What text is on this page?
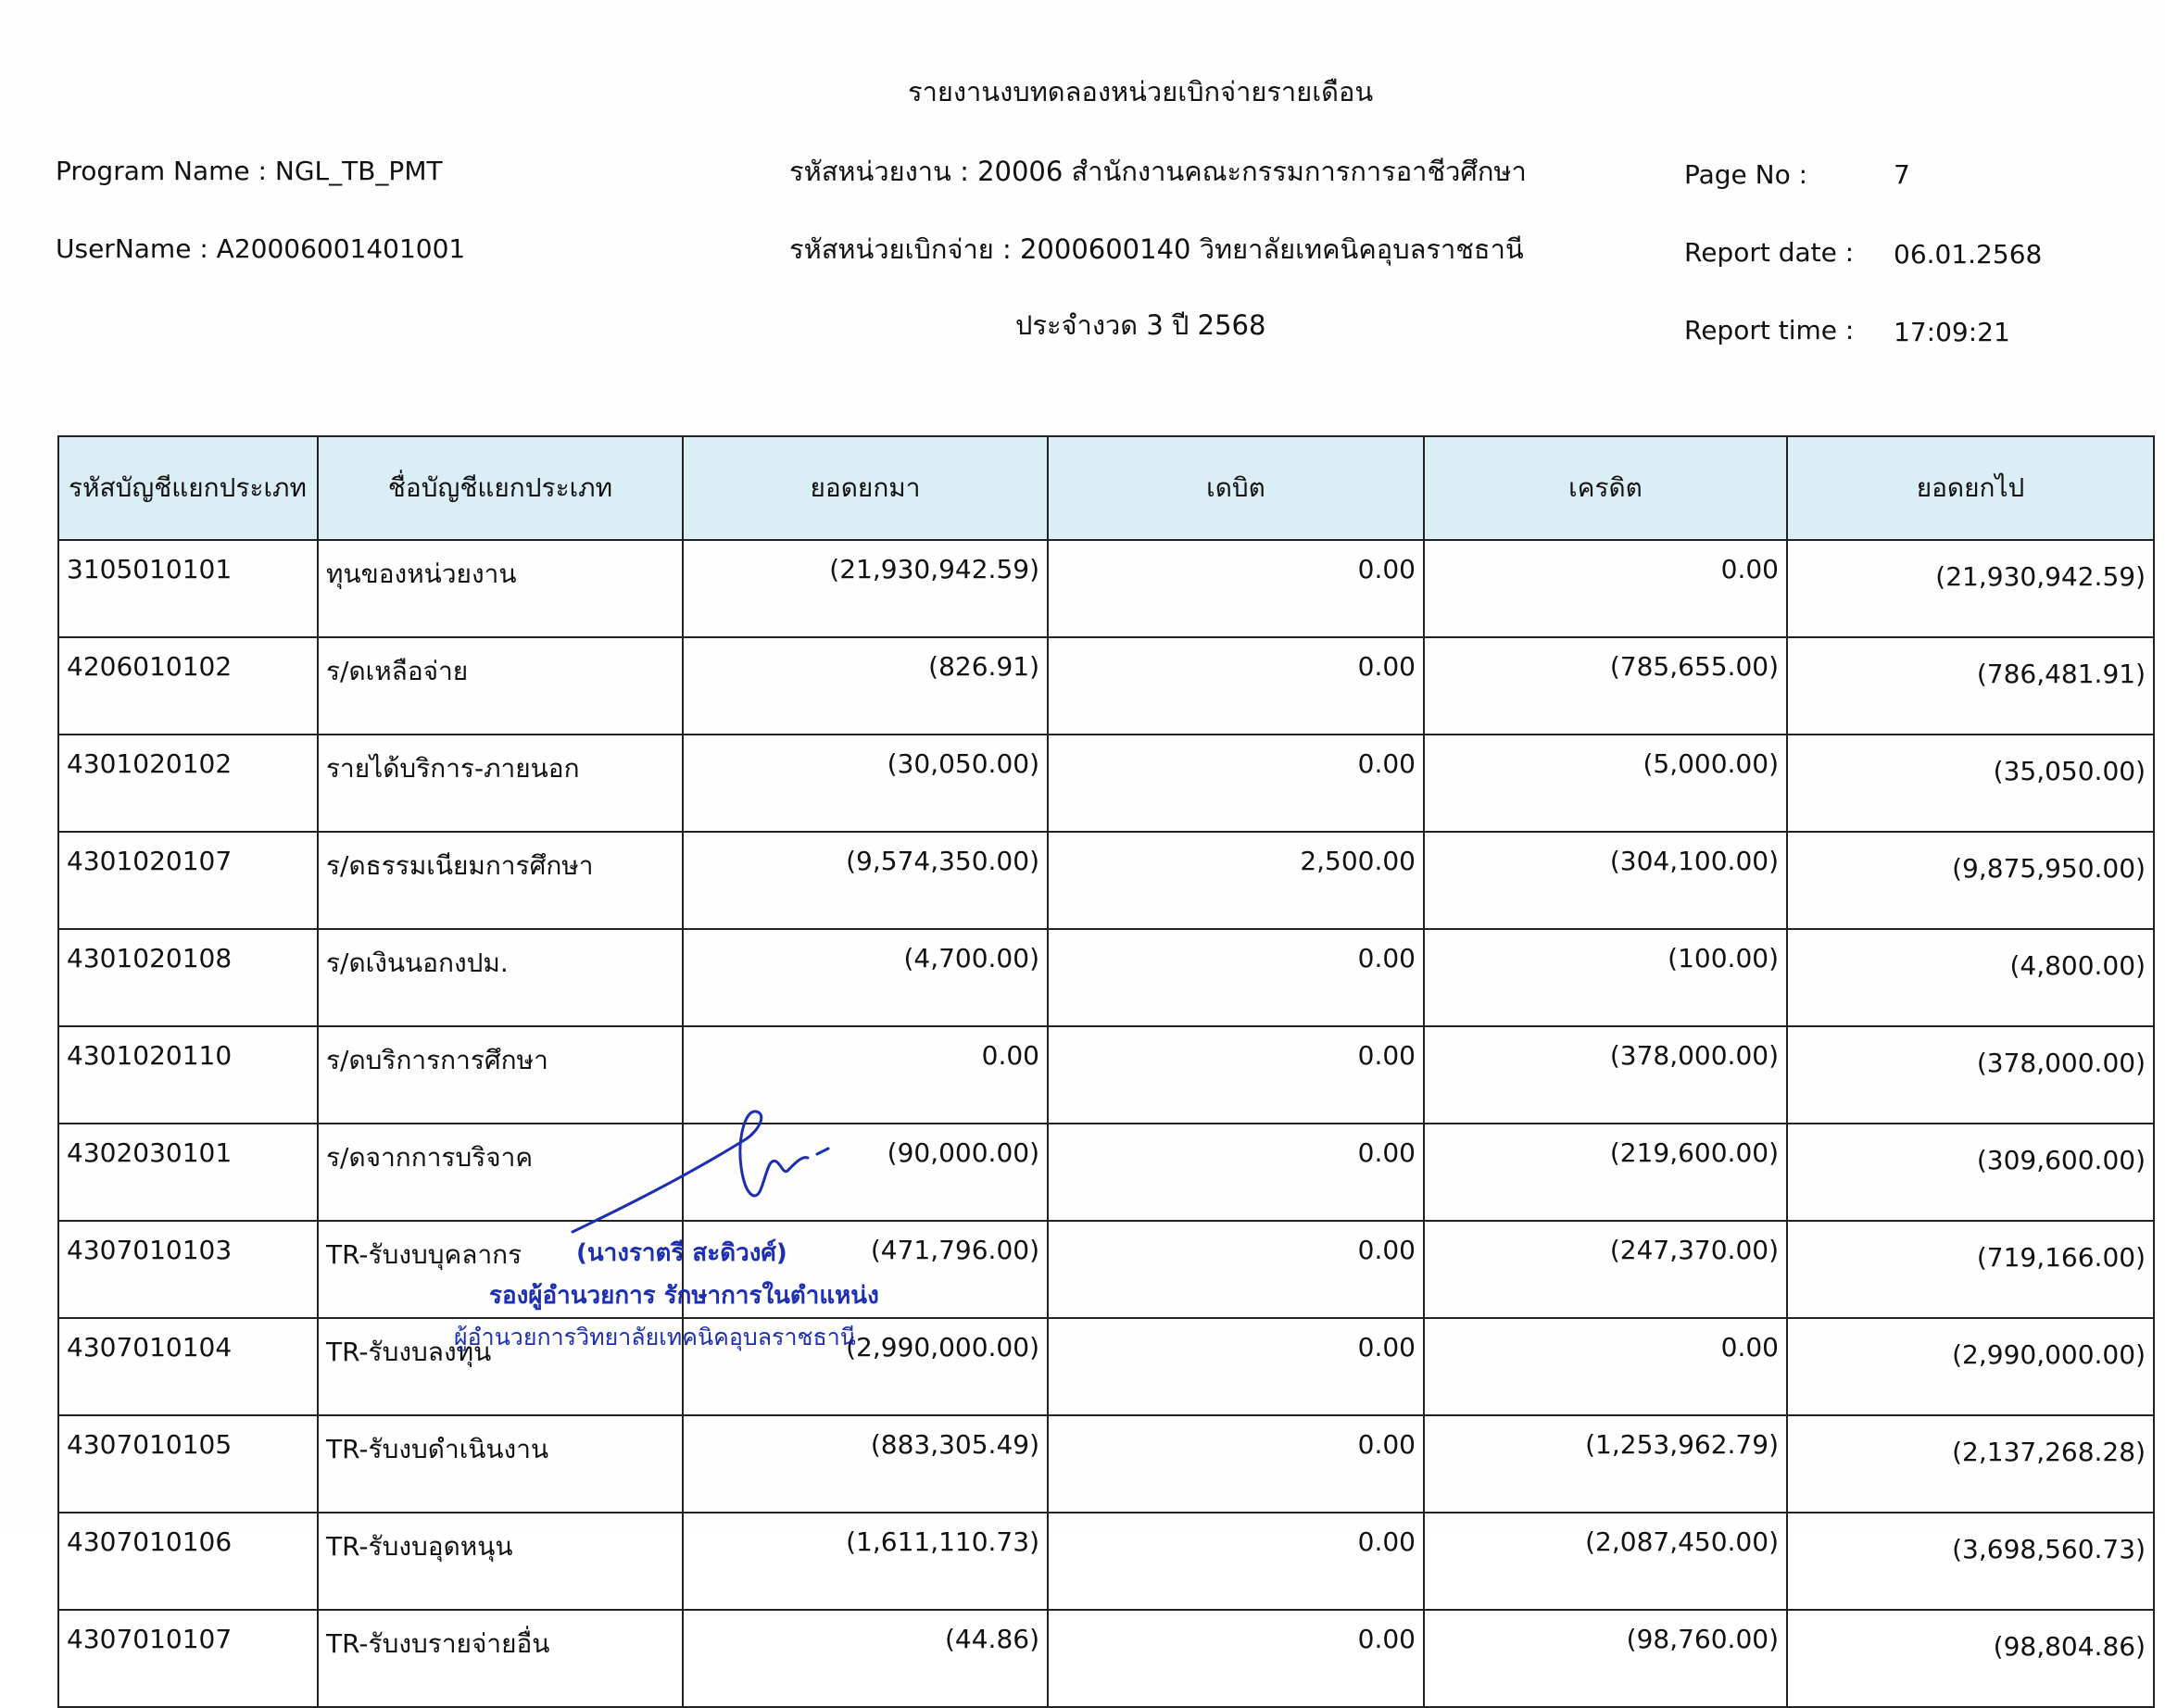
รายงานงบทดลองหน่วยเบิกจ่ายรายเดือน
Program Name : NGL_TB_PMT
UserName : A20006001401001
รหัสหน่วยงาน : 20006 สำนักงานคณะกรรมการการอาชีวศึกษา
รหัสหน่วยเบิกจ่าย : 2000600140 วิทยาลัยเทคนิคอุบลราชธานี
ประจำงวด 3 ปี 2568
Page No :	7
Report date : 06.01.2568
Report time : 17:09:21
รหัสบัญชีแยกประเภท	ชื่อบัญชีแยกประเภท	ยอดยกมา	เดบิต	เครดิต	ยอดยกไป
3105010101	ทุนของหน่วยงาน	(21,930,942.59)	0.00	0.00	(21,930,942.59)
4206010102	ร/ดเหลือจ่าย	(826.91)	0.00	(785,655.00)	(786,481.91)
4301020102	รายได้บริการ-ภายนอก	(30,050.00)	0.00	(5,000.00)	(35,050.00)
4301020107	ร/ดธรรมเนียมการศึกษา	(9,574,350.00)	2,500.00	(304,100.00)	(9,875,950.00)
4301020108	ร/ดเงินนอกงปม.	(4,700.00)	0.00	(100.00)	(4,800.00)
4301020110	ร/ดบริการการศึกษา	0.00	0.00	(378,000.00)	(378,000.00)
4302030101	ร/ดจากการบริจาค	(90,000.00)	0.00	(219,600.00)	(309,600.00)
4307010103	TR-รับงบบุคลากร	(471,796.00)	0.00	(247,370.00)	(719,166.00)
4307010104	TR-รับงบลงทุน	(2,990,000.00)	0.00	0.00	(2,990,000.00)
4307010105	TR-รับงบดำเนินงาน	(883,305.49)	0.00	(1,253,962.79)	(2,137,268.28)
4307010106	TR-รับงบอุดหนุน	(1,611,110.73)	0.00	(2,087,450.00)	(3,698,560.73)
4307010107	TR-รับงบรายจ่ายอื่น	(44.86)	0.00	(98,760.00)	(98,804.86)
(นางราตรี สะดิวงศ์)
รองผู้อำนวยการ รักษาการในตำแหน่ง
ผู้อำนวยการวิทยาลัยเทคนิคอุบลราชธานี
